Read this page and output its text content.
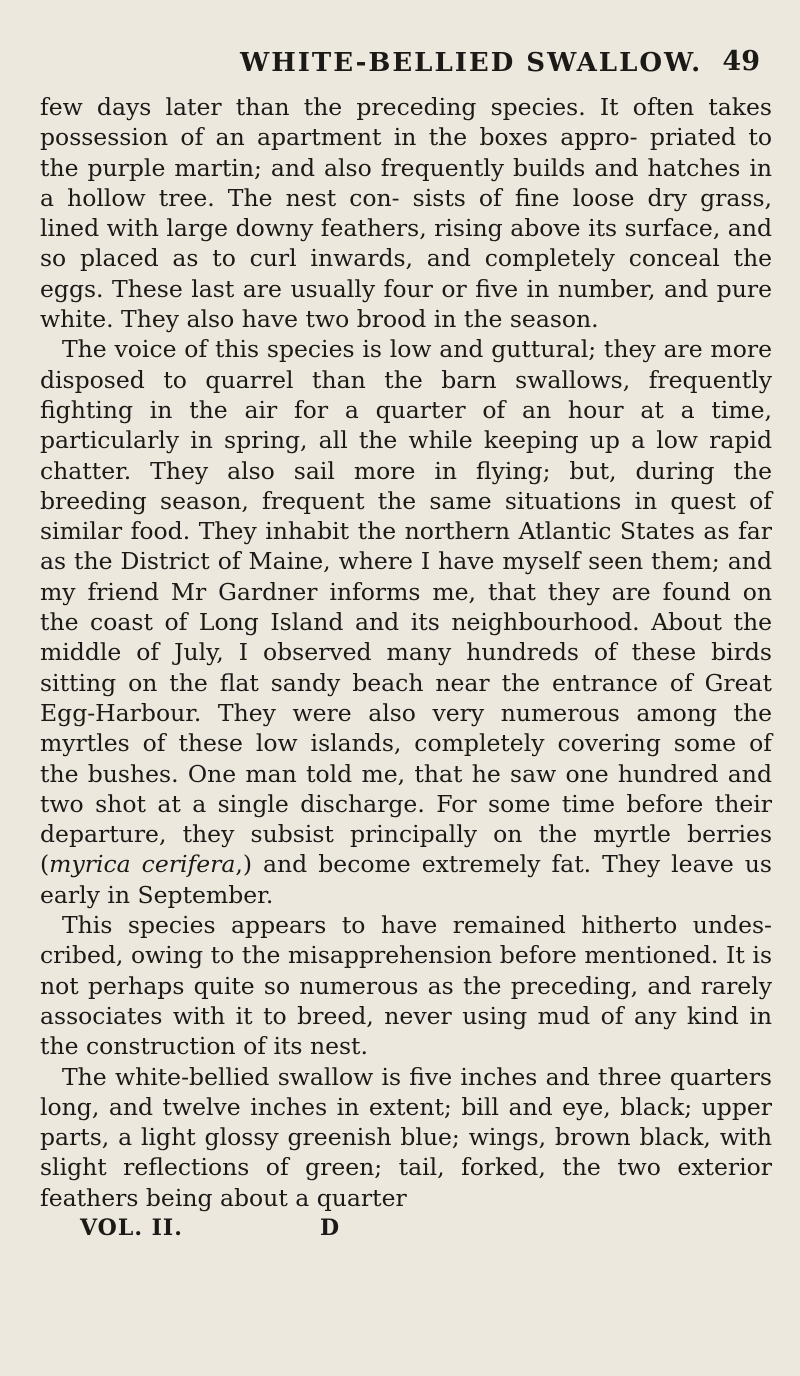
WHITE-BELLIED SWALLOW. 49

few days later than the preceding species. It often takes possession of an apartment in the boxes appro- priated to the purple martin; and also frequently builds and hatches in a hollow tree. The nest con- sists of fine loose dry grass, lined with large downy feathers, rising above its surface, and so placed as to curl inwards, and completely conceal the eggs. These last are usually four or five in number, and pure white. They also have two brood in the season.

The voice of this species is low and guttural; they are more disposed to quarrel than the barn swallows, frequently fighting in the air for a quarter of an hour at a time, particularly in spring, all the while keeping up a low rapid chatter. They also sail more in flying; but, during the breeding season, frequent the same situations in quest of similar food. They inhabit the northern Atlantic States as far as the District of Maine, where I have myself seen them; and my friend Mr Gardner informs me, that they are found on the coast of Long Island and its neighbourhood. About the middle of July, I observed many hundreds of these birds sitting on the flat sandy beach near the entrance of Great Egg-Harbour. They were also very numerous among the myrtles of these low islands, completely covering some of the bushes. One man told me, that he saw one hundred and two shot at a single discharge. For some time before their departure, they subsist principally on the myrtle berries (myrica cerifera,) and become extremely fat. They leave us early in September.

This species appears to have remained hitherto undes- cribed, owing to the misapprehension before mentioned. It is not perhaps quite so numerous as the preceding, and rarely associates with it to breed, never using mud of any kind in the construction of its nest.

The white-bellied swallow is five inches and three quarters long, and twelve inches in extent; bill and eye, black; upper parts, a light glossy greenish blue; wings, brown black, with slight reflections of green; tail, forked, the two exterior feathers being about a quarter

VOL. II.	D
